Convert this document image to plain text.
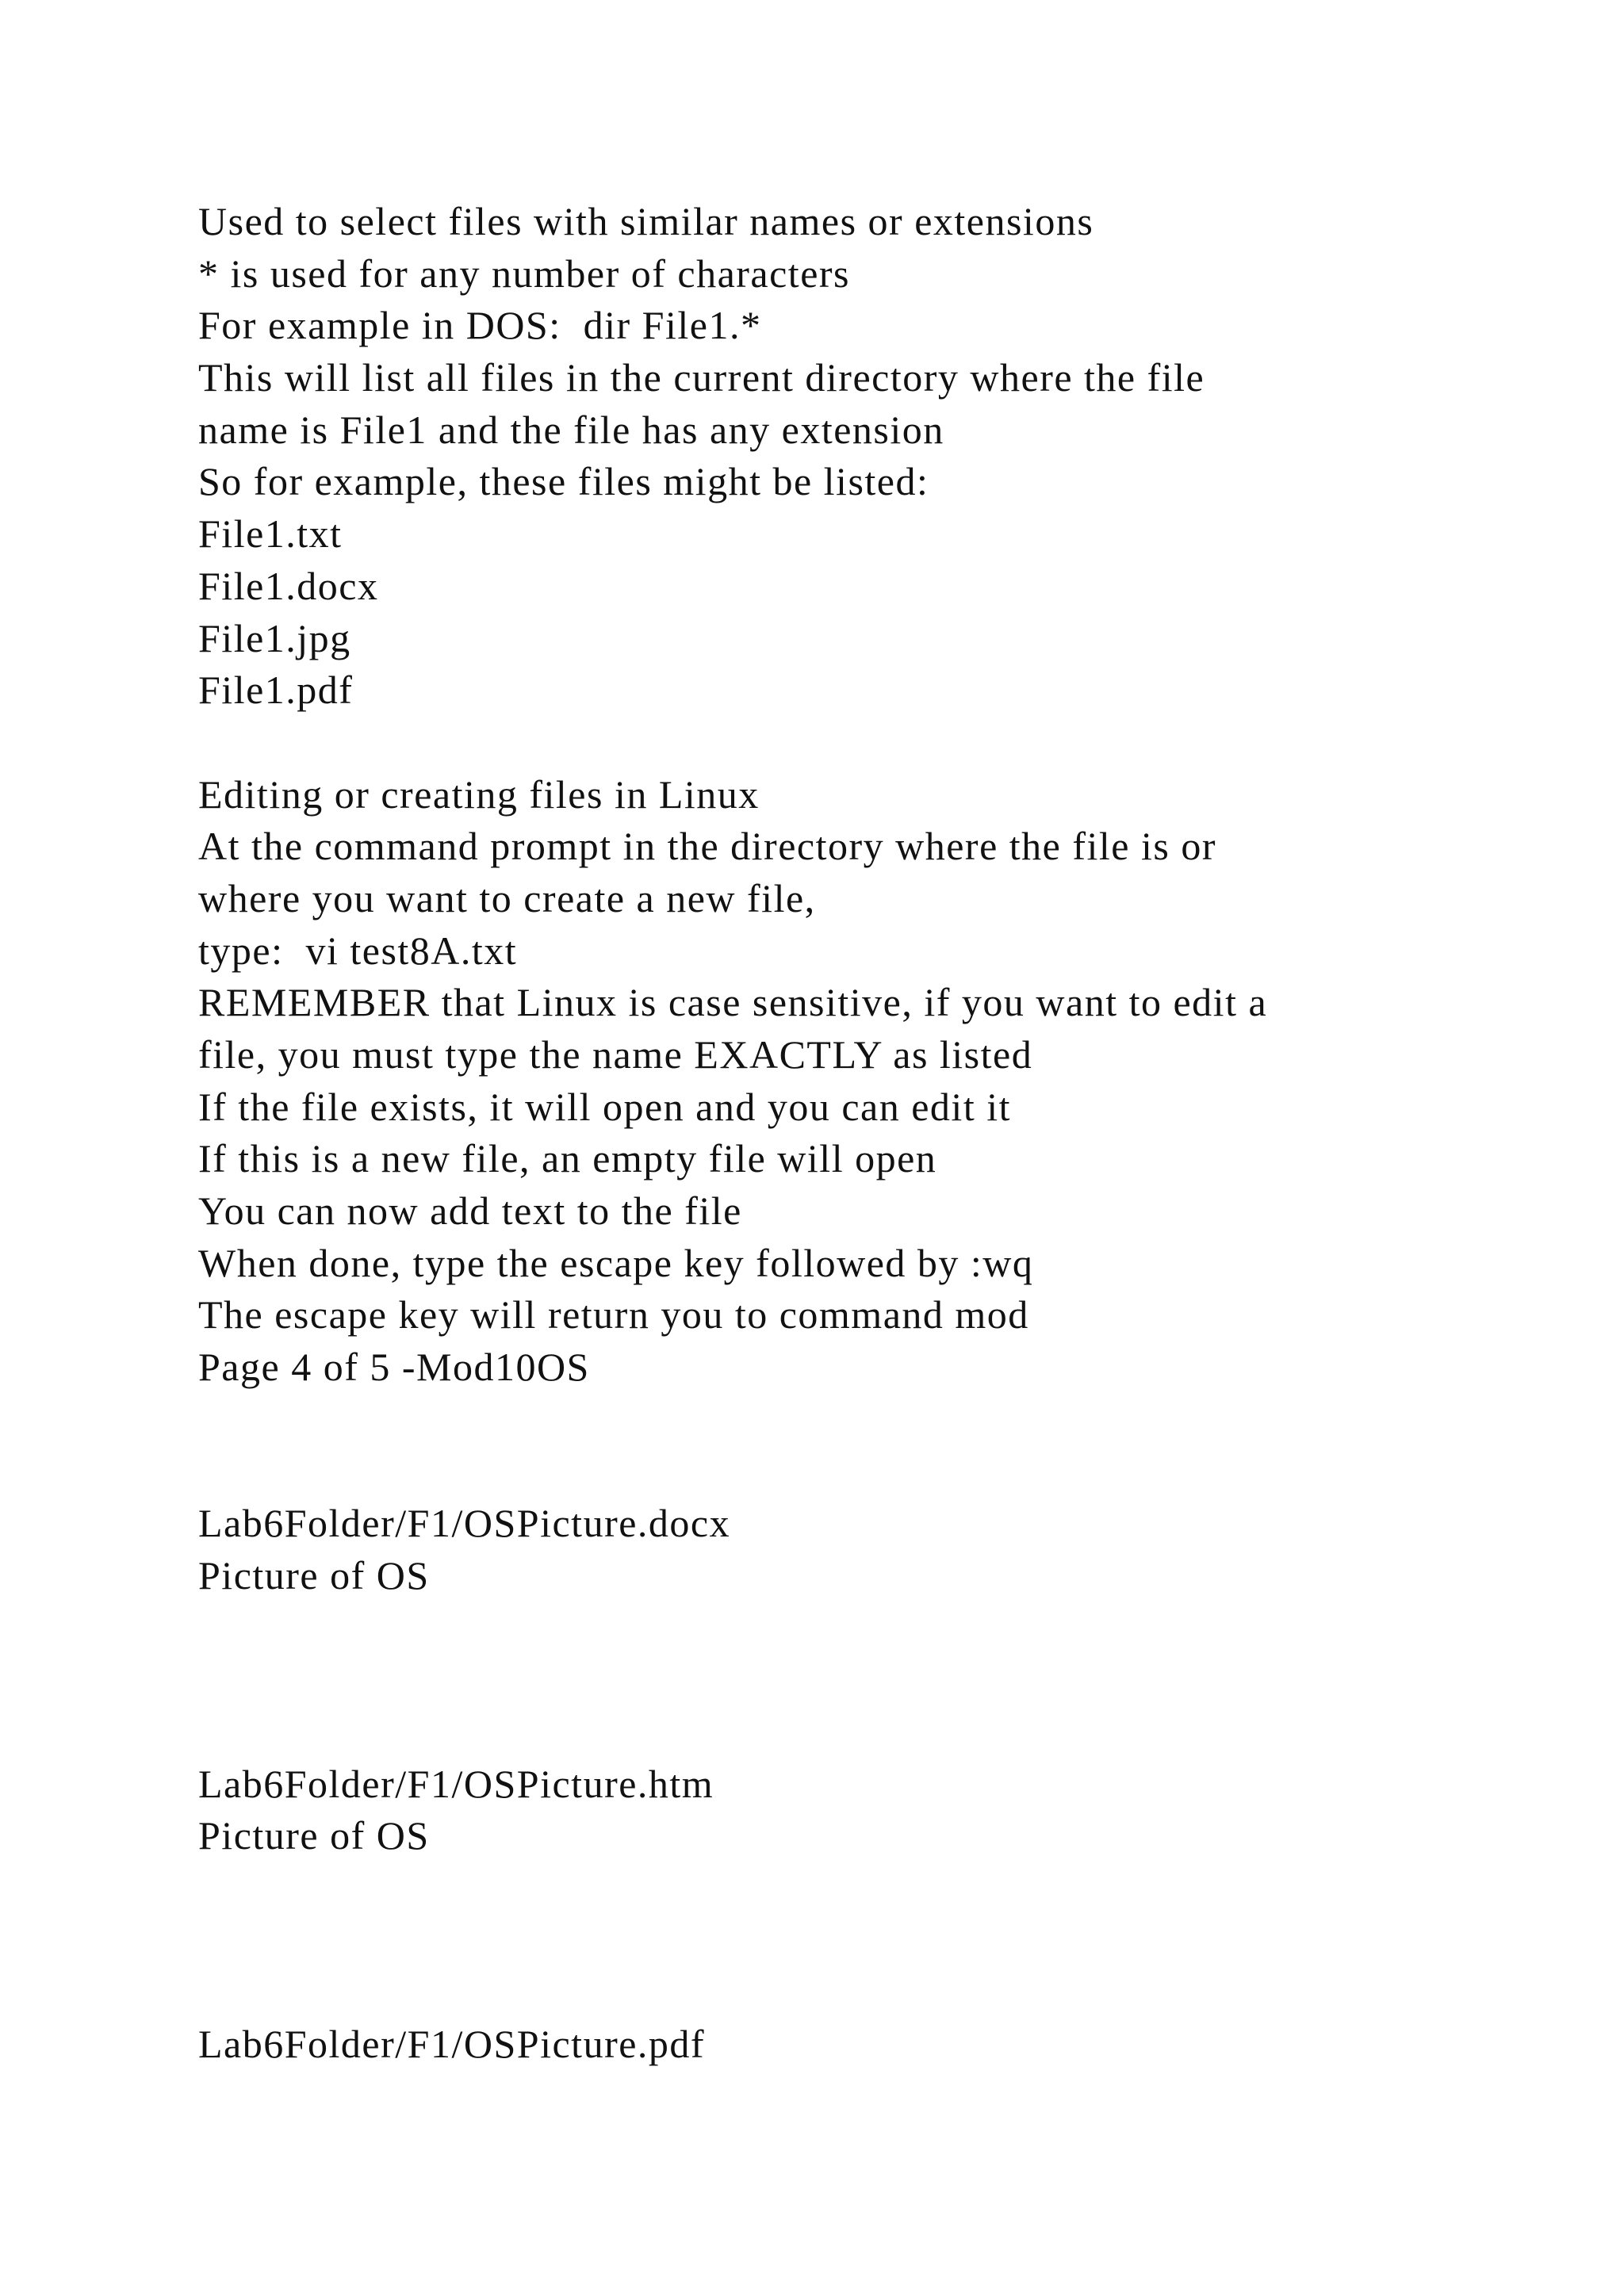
Used to select files with similar names or extensions
* is used for any number of characters
For example in DOS:  dir File1.*
This will list all files in the current directory where the file
name is File1 and the file has any extension
So for example, these files might be listed:
File1.txt
File1.docx
File1.jpg
File1.pdf
Editing or creating files in Linux
At the command prompt in the directory where the file is or
where you want to create a new file,
type:  vi test8A.txt
REMEMBER that Linux is case sensitive, if you want to edit a
file, you must type the name EXACTLY as listed
If the file exists, it will open and you can edit it
If this is a new file, an empty file will open
You can now add text to the file
When done, type the escape key followed by :wq
The escape key will return you to command mod
Page 4 of 5 -Mod10OS
Lab6Folder/F1/OSPicture.docx
Picture of OS
Lab6Folder/F1/OSPicture.htm
Picture of OS
Lab6Folder/F1/OSPicture.pdf
